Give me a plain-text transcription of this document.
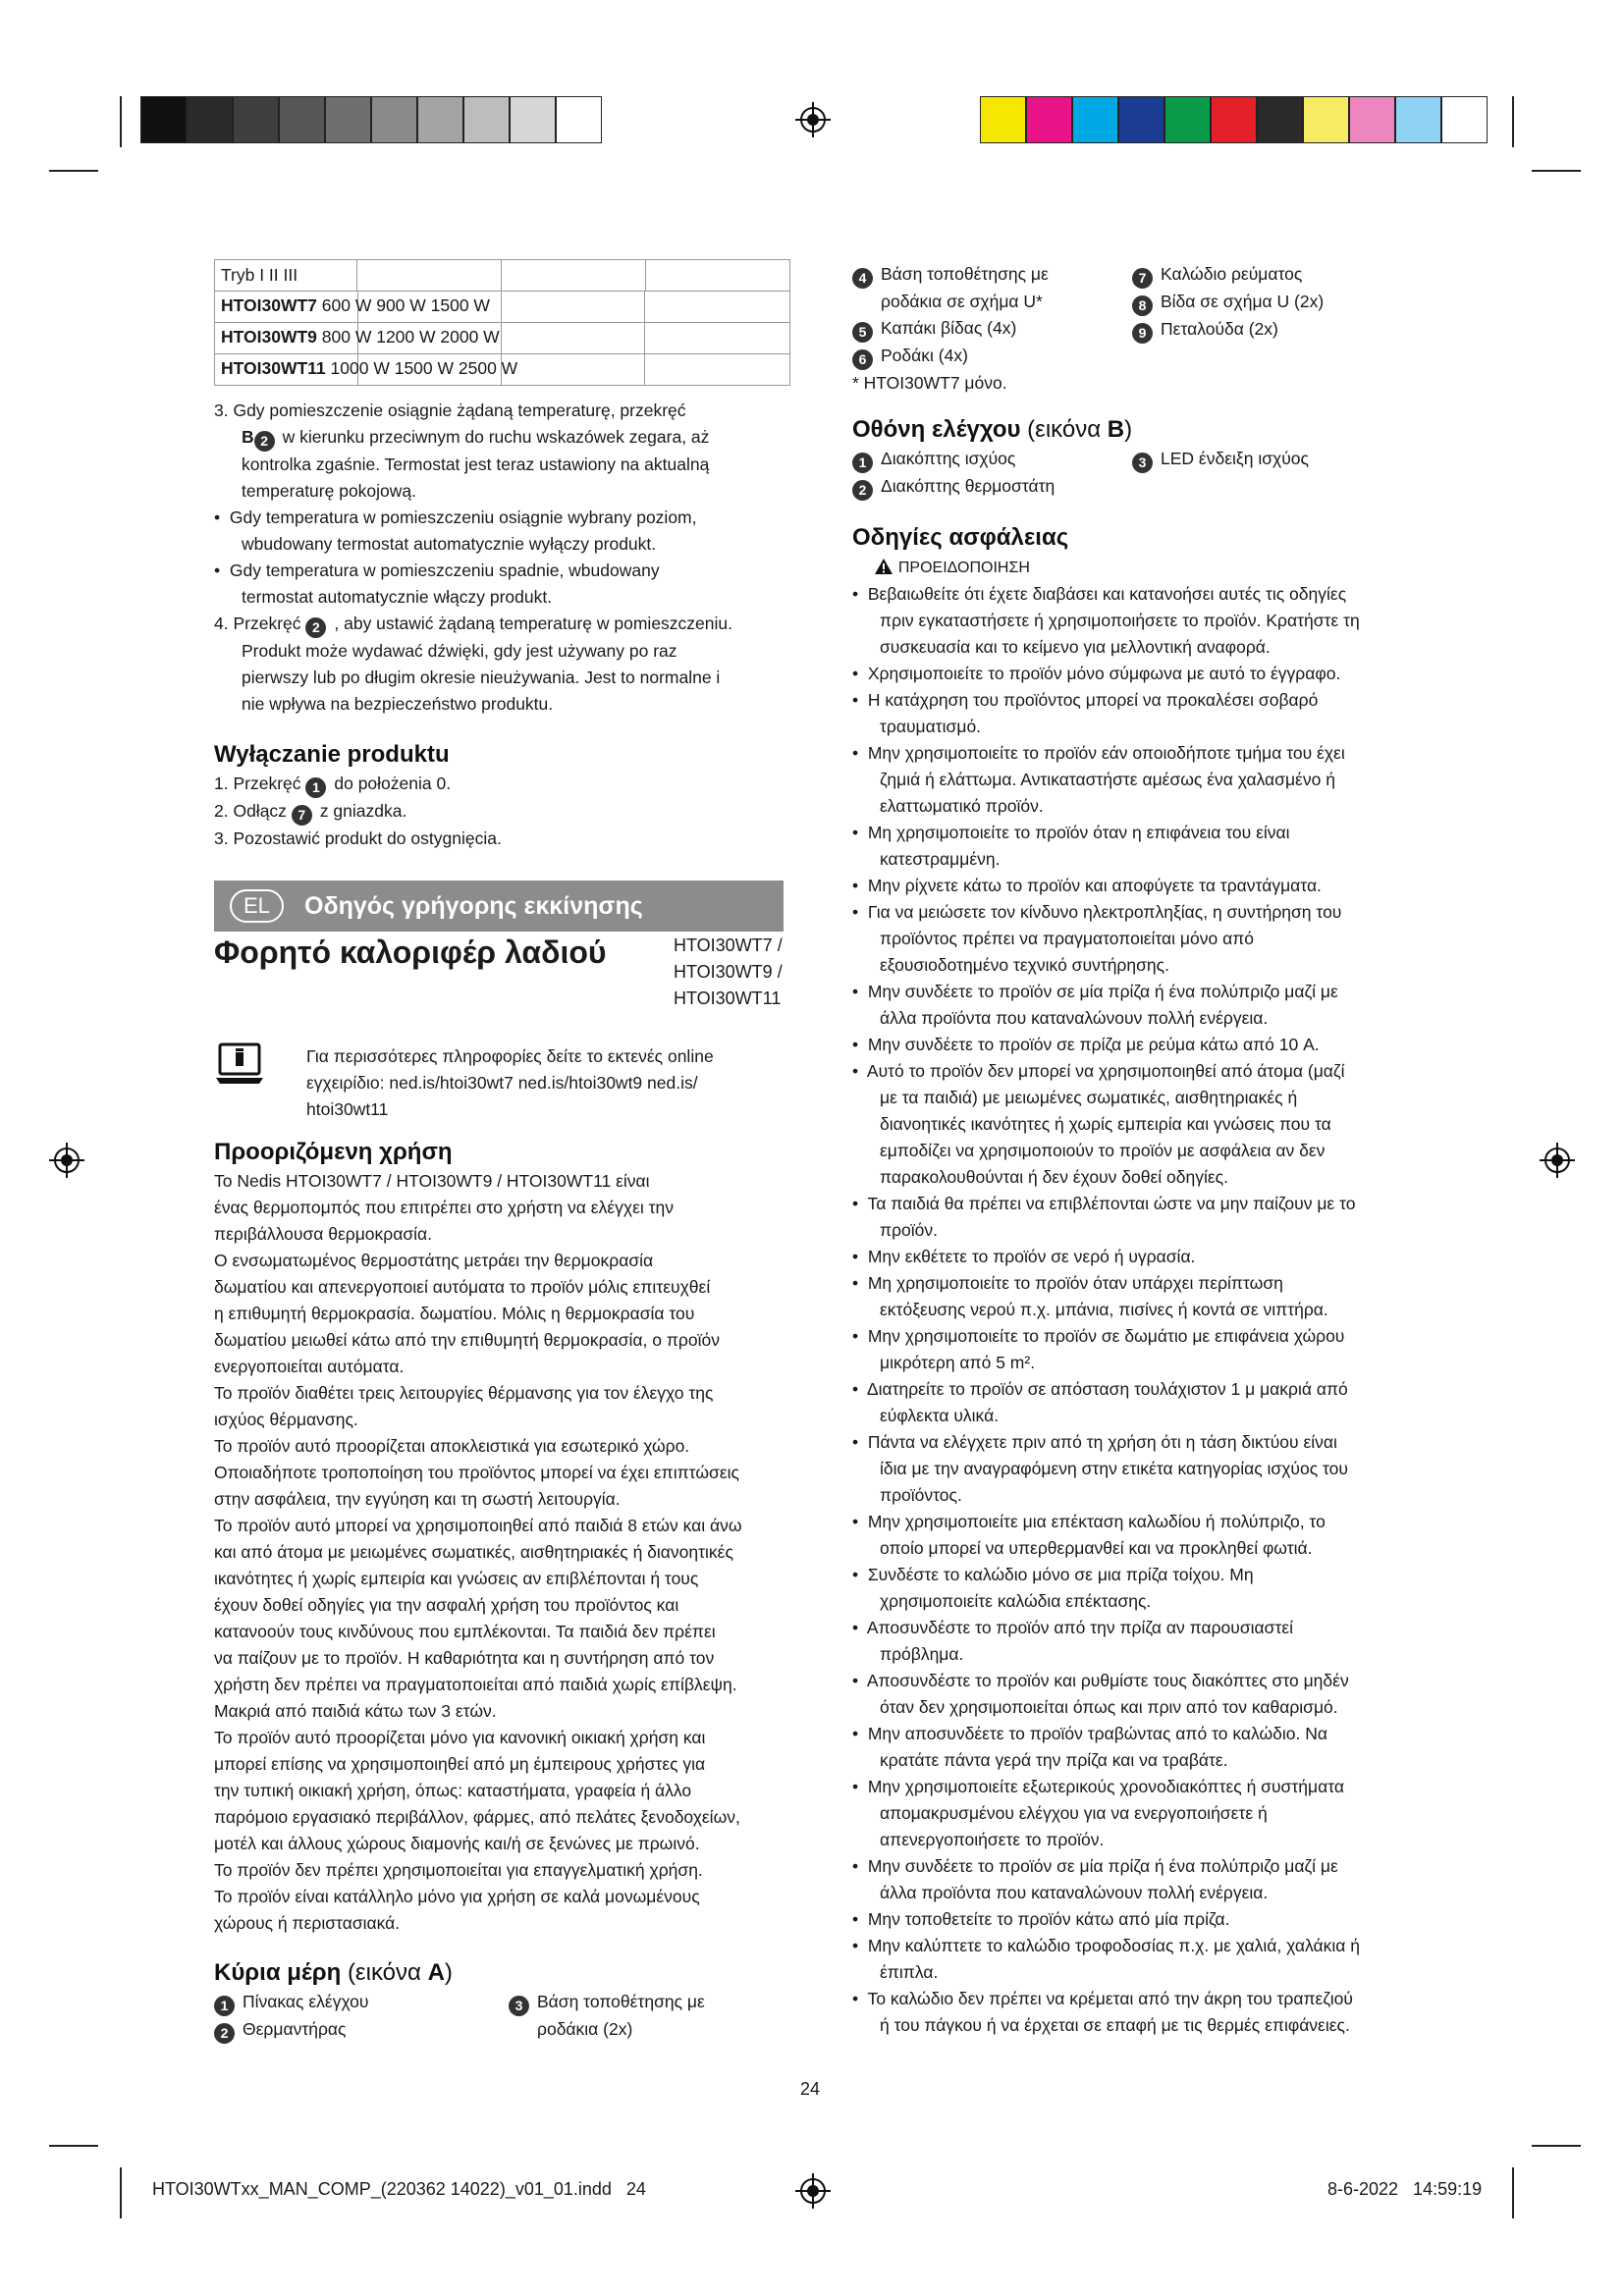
Tryb I II III			

HTOI30WT7 600 W 900 W 1500 W

HTOI30WT9 800 W 1200 W 2000 W

HTOI30WT11 1000 W 1500 W 2500 W

3. Gdy pomieszczenie osiągnie żądaną temperaturę, przekręć

B 2 w kierunku przeciwnym do ruchu wskazówek zegara, aż

kontrolka zgaśnie. Termostat jest teraz ustawiony na aktualną

temperaturę pokojową.

•  Gdy temperatura w pomieszczeniu osiągnie wybrany poziom,

wbudowany termostat automatycznie wyłączy produkt.

•  Gdy temperatura w pomieszczeniu spadnie, wbudowany

termostat automatycznie włączy produkt.

4. Przekręć 2 , aby ustawić żądaną temperaturę w pomieszczeniu.

Produkt może wydawać dźwięki, gdy jest używany po raz

pierwszy lub po długim okresie nieużywania. Jest to normalne i

nie wpływa na bezpieczeństwo produktu.

Wyłączanie produktu

1. Przekręć 1 do położenia 0.

2. Odłącz 7 z gniazdka.

3. Pozostawić produkt do ostygnięcia.

EL	Οδηγός γρήγορης εκκίνησης
Φορητό καλοριφέρ λαδιού	HTOI30WT7 /

HTOI30WT9 /

HTOI30WT11

Για περισσότερες πληροφορίες δείτε το εκτενές online

εγχειρίδιο: ned.is/htoi30wt7 ned.is/htoi30wt9 ned.is/

htoi30wt11

Προοριζόμενη χρήση

Το Nedis HTOI30WT7 / HTOI30WT9 / HTOI30WT11 είναι

ένας θερμοπομπός που επιτρέπει στο χρήστη να ελέγχει την

περιβάλλουσα θερμοκρασία.

Ο ενσωματωμένος θερμοστάτης μετράει την θερμοκρασία

δωματίου και απενεργοποιεί αυτόματα το προϊόν μόλις επιτευχθεί

η επιθυμητή θερμοκρασία. δωματίου. Μόλις η θερμοκρασία του

δωματίου μειωθεί κάτω από την επιθυμητή θερμοκρασία, ο προϊόν

ενεργοποιείται αυτόματα.

Το προϊόν διαθέτει τρεις λειτουργίες θέρμανσης για τον έλεγχο της

ισχύος θέρμανσης.

Το προϊόν αυτό προορίζεται αποκλειστικά για εσωτερικό χώρο.

Οποιαδήποτε τροποποίηση του προϊόντος μπορεί να έχει επιπτώσεις

στην ασφάλεια, την εγγύηση και τη σωστή λειτουργία.

Το προϊόν αυτό μπορεί να χρησιμοποιηθεί από παιδιά 8 ετών και άνω

και από άτομα με μειωμένες σωματικές, αισθητηριακές ή διανοητικές

ικανότητες ή χωρίς εμπειρία και γνώσεις αν επιβλέπονται ή τους

έχουν δοθεί οδηγίες για την ασφαλή χρήση του προϊόντος και

κατανοούν τους κινδύνους που εμπλέκονται. Τα παιδιά δεν πρέπει

να παίζουν με το προϊόν. Η καθαριότητα και η συντήρηση από τον

χρήστη δεν πρέπει να πραγματοποιείται από παιδιά χωρίς επίβλεψη.

Μακριά από παιδιά κάτω των 3 ετών.

Το προϊόν αυτό προορίζεται μόνο για κανονική οικιακή χρήση και

μπορεί επίσης να χρησιμοποιηθεί από μη έμπειρους χρήστες για

την τυπική οικιακή χρήση, όπως: καταστήματα, γραφεία ή άλλο

παρόμοιο εργασιακό περιβάλλον, φάρμες, από πελάτες ξενοδοχείων,

μοτέλ και άλλους χώρους διαμονής και/ή σε ξενώνες με πρωινό.

Το προϊόν δεν πρέπει χρησιμοποιείται για επαγγελματική χρήση.

Το προϊόν είναι κατάλληλο μόνο για χρήση σε καλά μονωμένους

χώρους ή περιστασιακά.

Κύρια μέρη (εικόνα A)

1 Πίνακας ελέγχου

2 Θερμαντήρας

3 Βάση τοποθέτησης με

ροδάκια (2x)

4 Βάση τοποθέτησης με

ροδάκια σε σχήμα U*

5 Καπάκι βίδας (4x)

6 Ροδάκι (4x)

* HTOI30WT7 μόνο.

7 Καλώδιο ρεύματος

8 Βίδα σε σχήμα U (2x)

9 Πεταλούδα (2x)

Οθόνη ελέγχου (εικόνα B)

1 Διακόπτης ισχύος

2 Διακόπτης θερμοστάτη

3 LED ένδειξη ισχύος

Οδηγίες ασφάλειας

ΠΡΟΕΙΔΟΠΟΙΗΣΗ

•  Βεβαιωθείτε ότι έχετε διαβάσει και κατανοήσει αυτές τις οδηγίες

πριν εγκαταστήσετε ή χρησιμοποιήσετε το προϊόν. Κρατήστε τη

συσκευασία και το κείμενο για μελλοντική αναφορά.

•  Χρησιμοποιείτε το προϊόν μόνο σύμφωνα με αυτό το έγγραφο.

•  Η κατάχρηση του προϊόντος μπορεί να προκαλέσει σοβαρό

τραυματισμό.

•  Μην χρησιμοποιείτε το προϊόν εάν οποιοδήποτε τμήμα του έχει

ζημιά ή ελάττωμα. Αντικαταστήστε αμέσως ένα χαλασμένο ή

ελαττωματικό προϊόν.

•  Μη χρησιμοποιείτε το προϊόν όταν η επιφάνεια του είναι

κατεστραμμένη.

•  Μην ρίχνετε κάτω το προϊόν και αποφύγετε τα τραντάγματα.

•  Για να μειώσετε τον κίνδυνο ηλεκτροπληξίας, η συντήρηση του

προϊόντος πρέπει να πραγματοποιείται μόνο από

εξουσιοδοτημένο τεχνικό συντήρησης.

•  Μην συνδέετε το προϊόν σε μία πρίζα ή ένα πολύπριζο μαζί με

άλλα προϊόντα που καταναλώνουν πολλή ενέργεια.

•  Μην συνδέετε το προϊόν σε πρίζα με ρεύμα κάτω από 10 A.

•  Αυτό το προϊόν δεν μπορεί να χρησιμοποιηθεί από άτομα (μαζί

με τα παιδιά) με μειωμένες σωματικές, αισθητηριακές ή

διανοητικές ικανότητες ή χωρίς εμπειρία και γνώσεις που τα

εμποδίζει να χρησιμοποιούν το προϊόν με ασφάλεια αν δεν

παρακολουθούνται ή δεν έχουν δοθεί οδηγίες.

•  Τα παιδιά θα πρέπει να επιβλέπονται ώστε να μην παίζουν με το

προϊόν.

•  Μην εκθέτετε το προϊόν σε νερό ή υγρασία.

•  Μη χρησιμοποιείτε το προϊόν όταν υπάρχει περίπτωση

εκτόξευσης νερού π.χ. μπάνια, πισίνες ή κοντά σε νιπτήρα.

•  Μην χρησιμοποιείτε το προϊόν σε δωμάτιο με επιφάνεια χώρου

μικρότερη από 5 m².

•  Διατηρείτε το προϊόν σε απόσταση τουλάχιστον 1 μ μακριά από

εύφλεκτα υλικά.

•  Πάντα να ελέγχετε πριν από τη χρήση ότι η τάση δικτύου είναι

ίδια με την αναγραφόμενη στην ετικέτα κατηγορίας ισχύος του

προϊόντος.

•  Μην χρησιμοποιείτε μια επέκταση καλωδίου ή πολύπριζο, το

οποίο μπορεί να υπερθερμανθεί και να προκληθεί φωτιά.

•  Συνδέστε το καλώδιο μόνο σε μια πρίζα τοίχου. Μη

χρησιμοποιείτε καλώδια επέκτασης.

•  Αποσυνδέστε το προϊόν από την πρίζα αν παρουσιαστεί

πρόβλημα.

•  Αποσυνδέστε το προϊόν και ρυθμίστε τους διακόπτες στο μηδέν

όταν δεν χρησιμοποιείται όπως και πριν από τον καθαρισμό.

•  Μην αποσυνδέετε το προϊόν τραβώντας από το καλώδιο. Να

κρατάτε πάντα γερά την πρίζα και να τραβάτε.

•  Μην χρησιμοποιείτε εξωτερικούς χρονοδιακόπτες ή συστήματα

απομακρυσμένου ελέγχου για να ενεργοποιήσετε ή

απενεργοποιήσετε το προϊόν.

•  Μην συνδέετε το προϊόν σε μία πρίζα ή ένα πολύπριζο μαζί με

άλλα προϊόντα που καταναλώνουν πολλή ενέργεια.

•  Μην τοποθετείτε το προϊόν κάτω από μία πρίζα.

•  Μην καλύπτετε το καλώδιο τροφοδοσίας π.χ. με χαλιά, χαλάκια ή

έπιπλα.

•  Το καλώδιο δεν πρέπει να κρέμεται από την άκρη του τραπεζιού

ή του πάγκου ή να έρχεται σε επαφή με τις θερμές επιφάνειες.

24
HTOI30WTxx_MAN_COMP_(220362 14022)_v01_01.indd   24	8-6-2022   14:59:19
